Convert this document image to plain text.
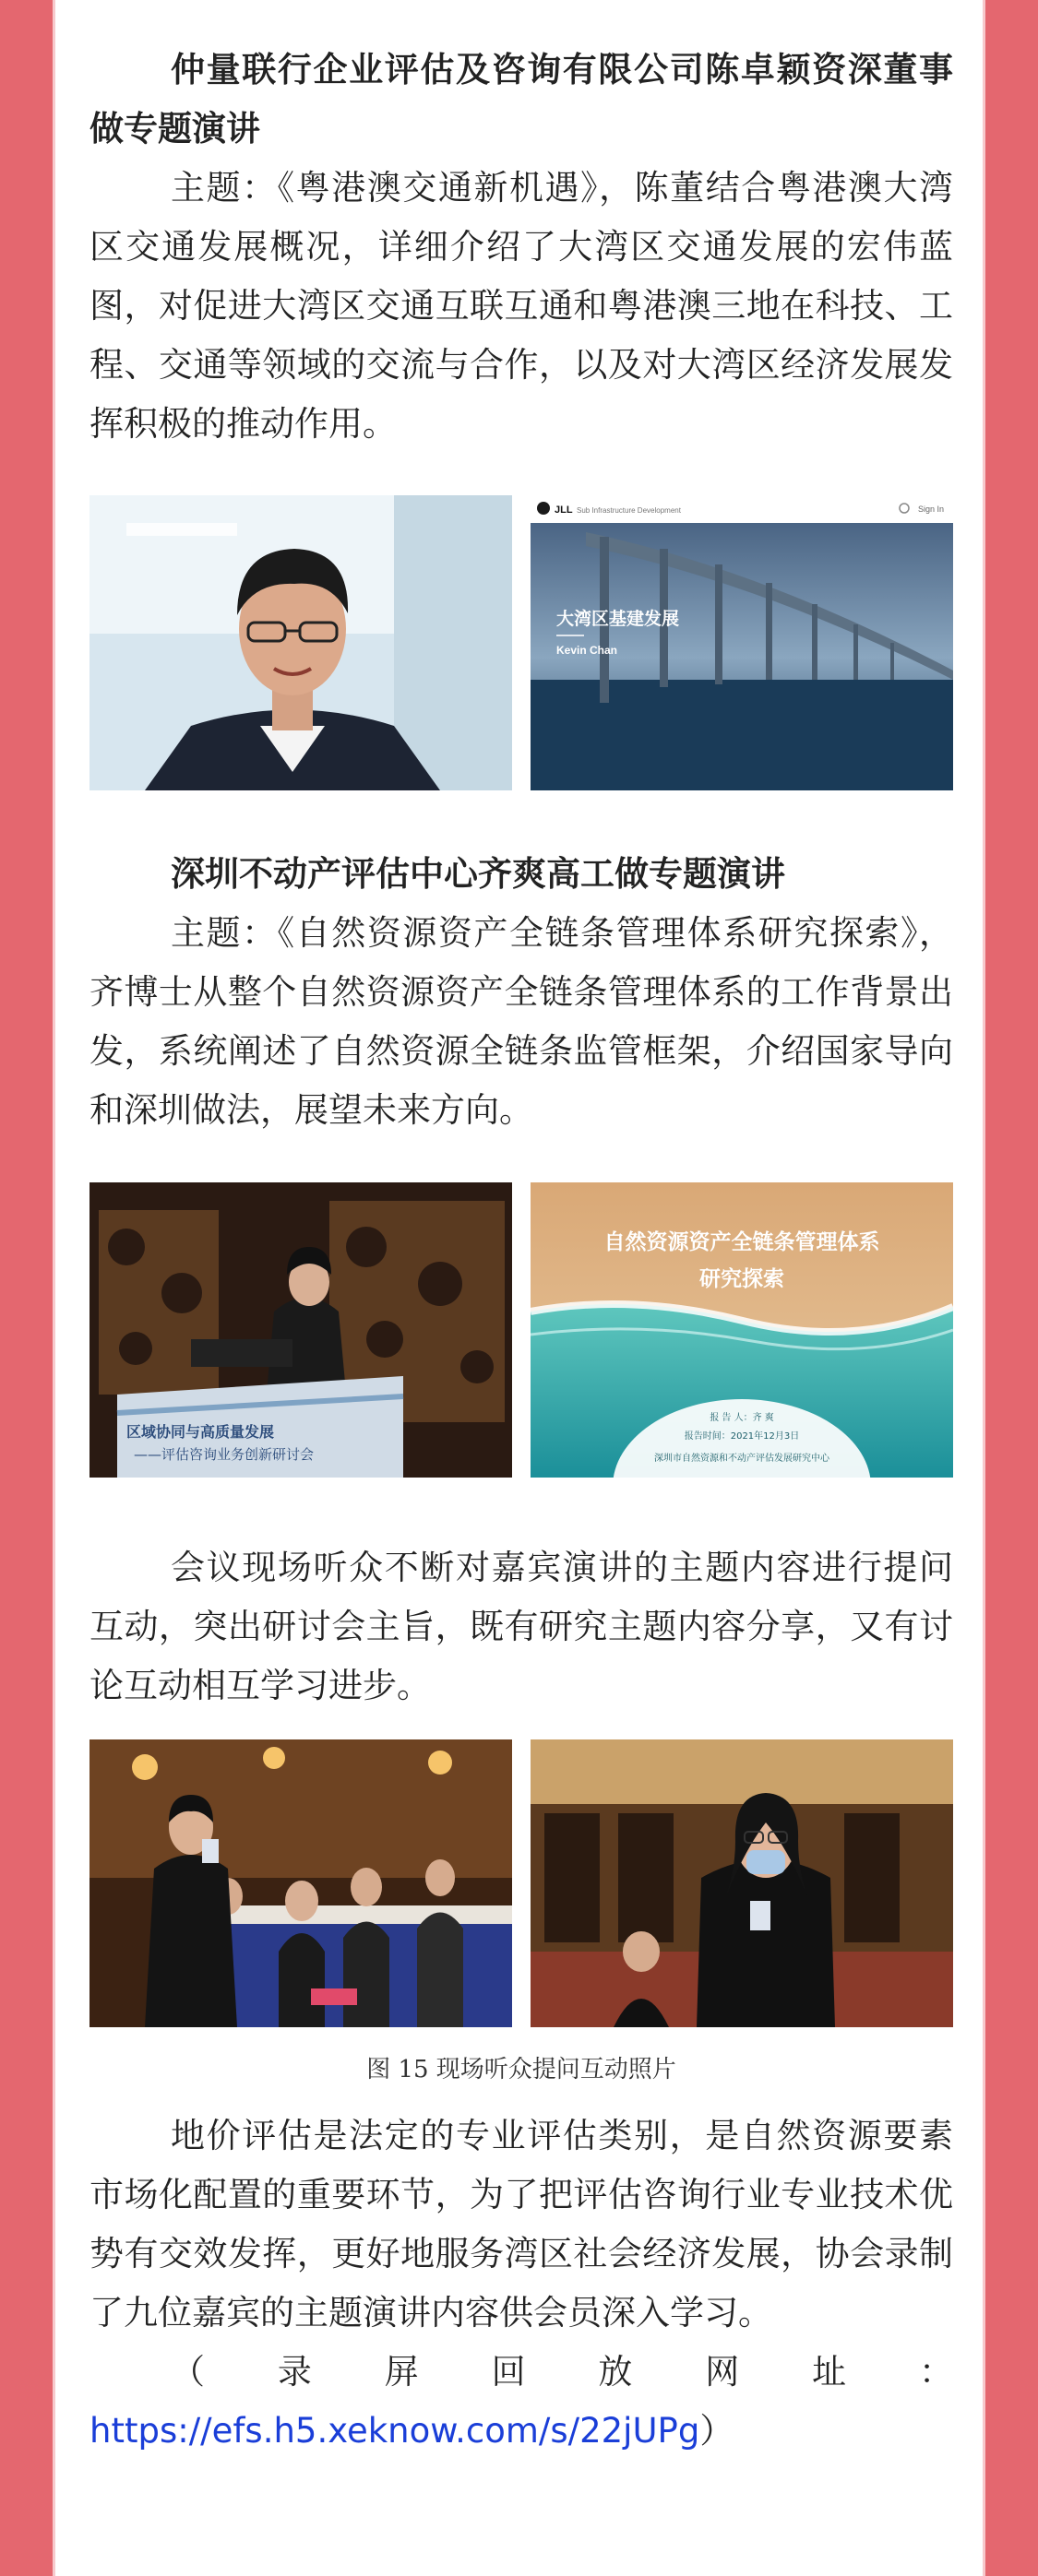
仲量联行企业评估及咨询有限公司陈卓颖资深董事做专题演讲

主题：《粤港澳交通新机遇》，陈董结合粤港澳大湾区交通发展概况，详细介绍了大湾区交通发展的宏伟蓝图，对促进大湾区交通互联互通和粤港澳三地在科技、工程、交通等领域的交流与合作，以及对大湾区经济发展发挥积极的推动作用。

JLL Sub Infrastructure Development	Sign In
大湾区基建发展
Kevin Chan

深圳不动产评估中心齐爽高工做专题演讲

主题：《自然资源资产全链条管理体系研究探索》，齐博士从整个自然资源资产全链条管理体系的工作背景出发，系统阐述了自然资源全链条监管框架，介绍国家导向和深圳做法，展望未来方向。

区域协同与高质量发展
——评估咨询业务创新研讨会
自然资源资产全链条管理体系
研究探索
报 告 人：齐 爽
报告时间：2021年12月3日
深圳市自然资源和不动产评估发展研究中心

会议现场听众不断对嘉宾演讲的主题内容进行提问互动，突出研讨会主旨，既有研究主题内容分享，又有讨论互动相互学习进步。

图 15 现场听众提问互动照片

地价评估是法定的专业评估类别，是自然资源要素市场化配置的重要环节，为了把评估咨询行业专业技术优势有交效发挥，更好地服务湾区社会经济发展，协会录制了九位嘉宾的主题演讲内容供会员深入学习。

（录屏回放网址：https://efs.h5.xeknow.com/s/22jUPg）
